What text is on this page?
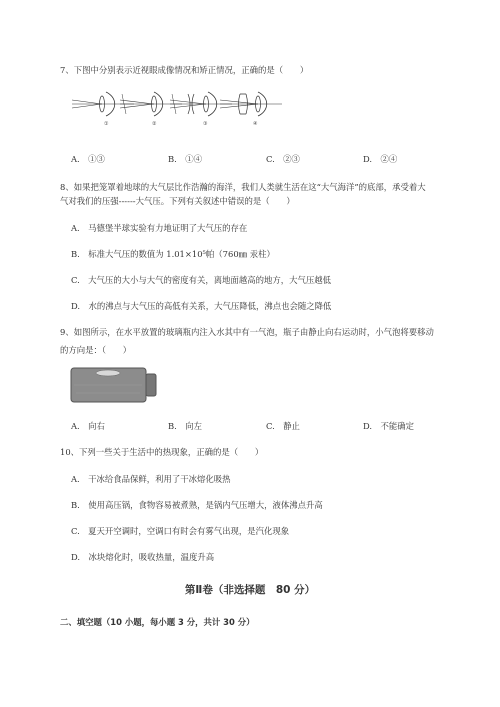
7、下图中分别表示近视眼成像情况和矫正情况，正确的是（　　）
①	②	③	④
A.　 ①③	B.　 ①④	C.　 ②③	D.　 ②④
8、如果把笼罩着地球的大气层比作浩瀚的海洋，我们人类就生活在这“大气海洋”的底部，承受着大
气对我们的压强------大气压。下列有关叙述中错误的是（　　）
A.　 马德堡半球实验有力地证明了大气压的存在
B.　 标准大气压的数值为 1.01×10⁵帕（760㎜ 汞柱）
C.　 大气压的大小与大气的密度有关，离地面越高的地方，大气压越低
D.　 水的沸点与大气压的高低有关系，大气压降低，沸点也会随之降低
9、如图所示，在水平放置的玻璃瓶内注入水其中有一气泡，瓶子由静止向右运动时，小气泡将要移动
的方向是：（　　）
A.　 向右	B.　 向左	C.　 静止	D.　 不能确定
10、下列一些关于生活中的热现象，正确的是（　　）
A.　 干冰给食品保鲜，利用了干冰熔化吸热
B.　 使用高压锅，食物容易被煮熟，是锅内气压增大，液体沸点升高
C.　 夏天开空调时，空调口有时会有雾气出现，是汽化现象
D.　 冰块熔化时，吸收热量，温度升高
第Ⅱ卷（非选择题　80 分）
二、填空题（10 小题，每小题 3 分，共计 30 分）
